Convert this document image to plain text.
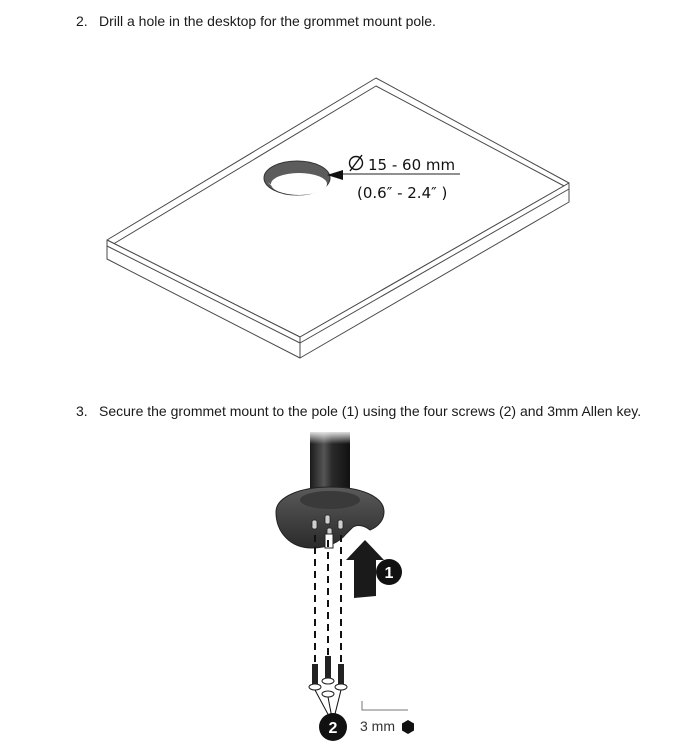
2. Drill a hole in the desktop for the grommet mount pole.
15 - 60 mm
(0.6″ - 2.4″ )
3. Secure the grommet mount to the pole (1) using the four screws (2) and 3mm Allen key.
1
2 3 mm
